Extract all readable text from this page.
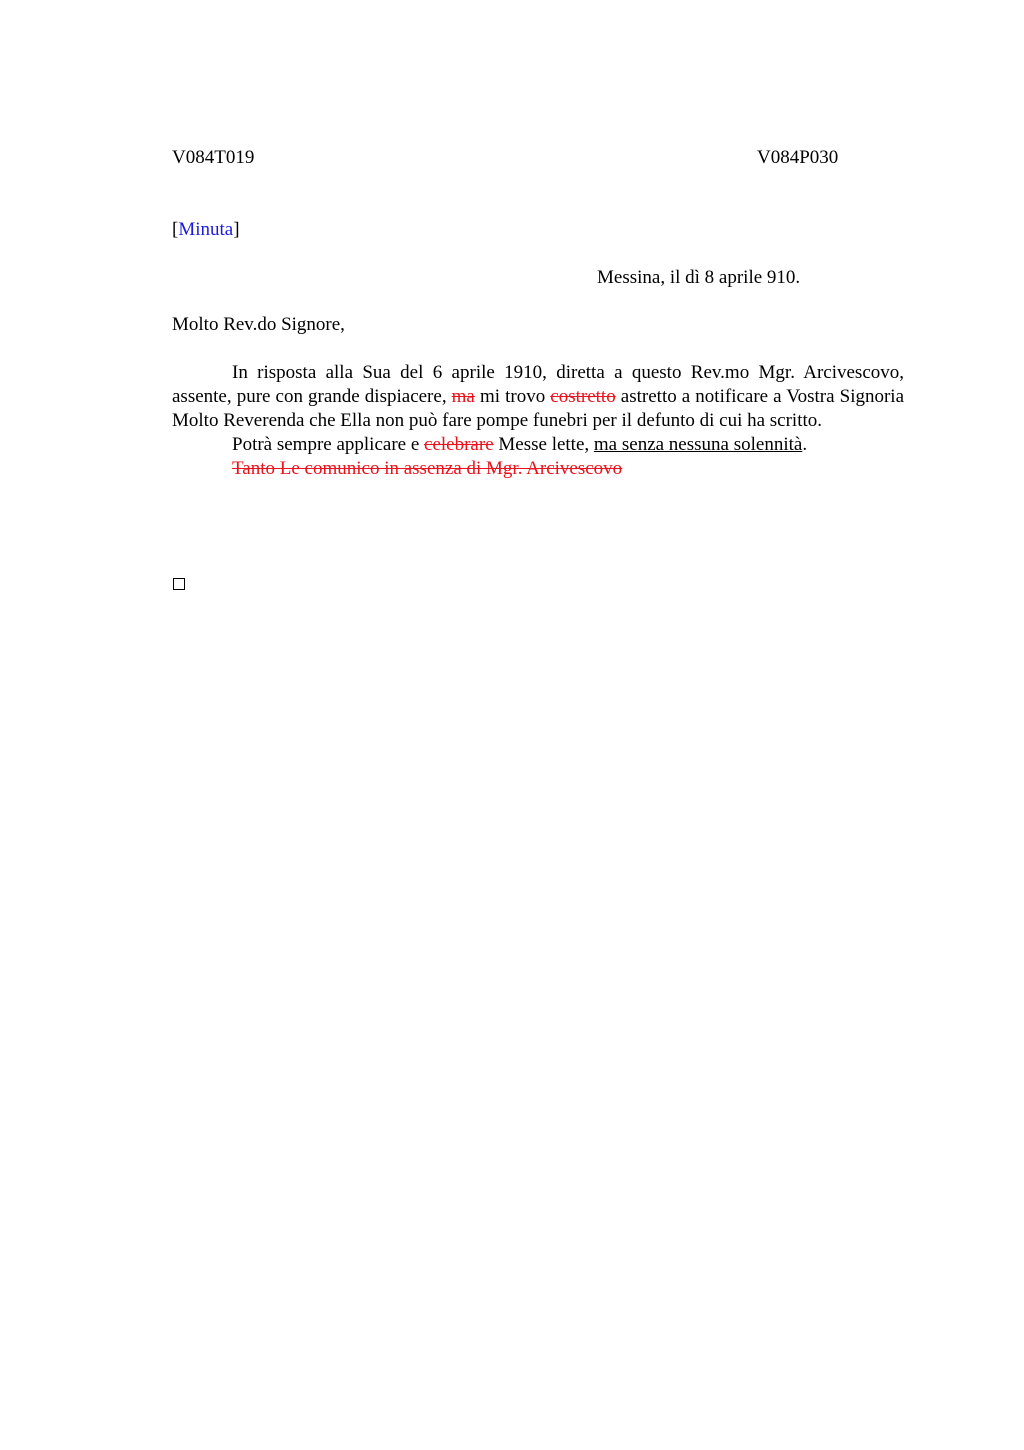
V084T019	V084P030
[Minuta]
Messina, il dì 8 aprile 910.
Molto Rev.do Signore,

In risposta alla Sua del 6 aprile 1910, diretta a questo Rev.mo Mgr. Arcivescovo, assente, pure con grande dispiacere, ma mi trovo costretto astretto a notificare a Vostra Signoria Molto Reverenda che Ella non può fare pompe funebri per il defunto di cui ha scritto.

Potrà sempre applicare e celebrare Messe lette, ma senza nessuna solennità.

Tanto Le comunico in assenza di Mgr. Arcivescovo
